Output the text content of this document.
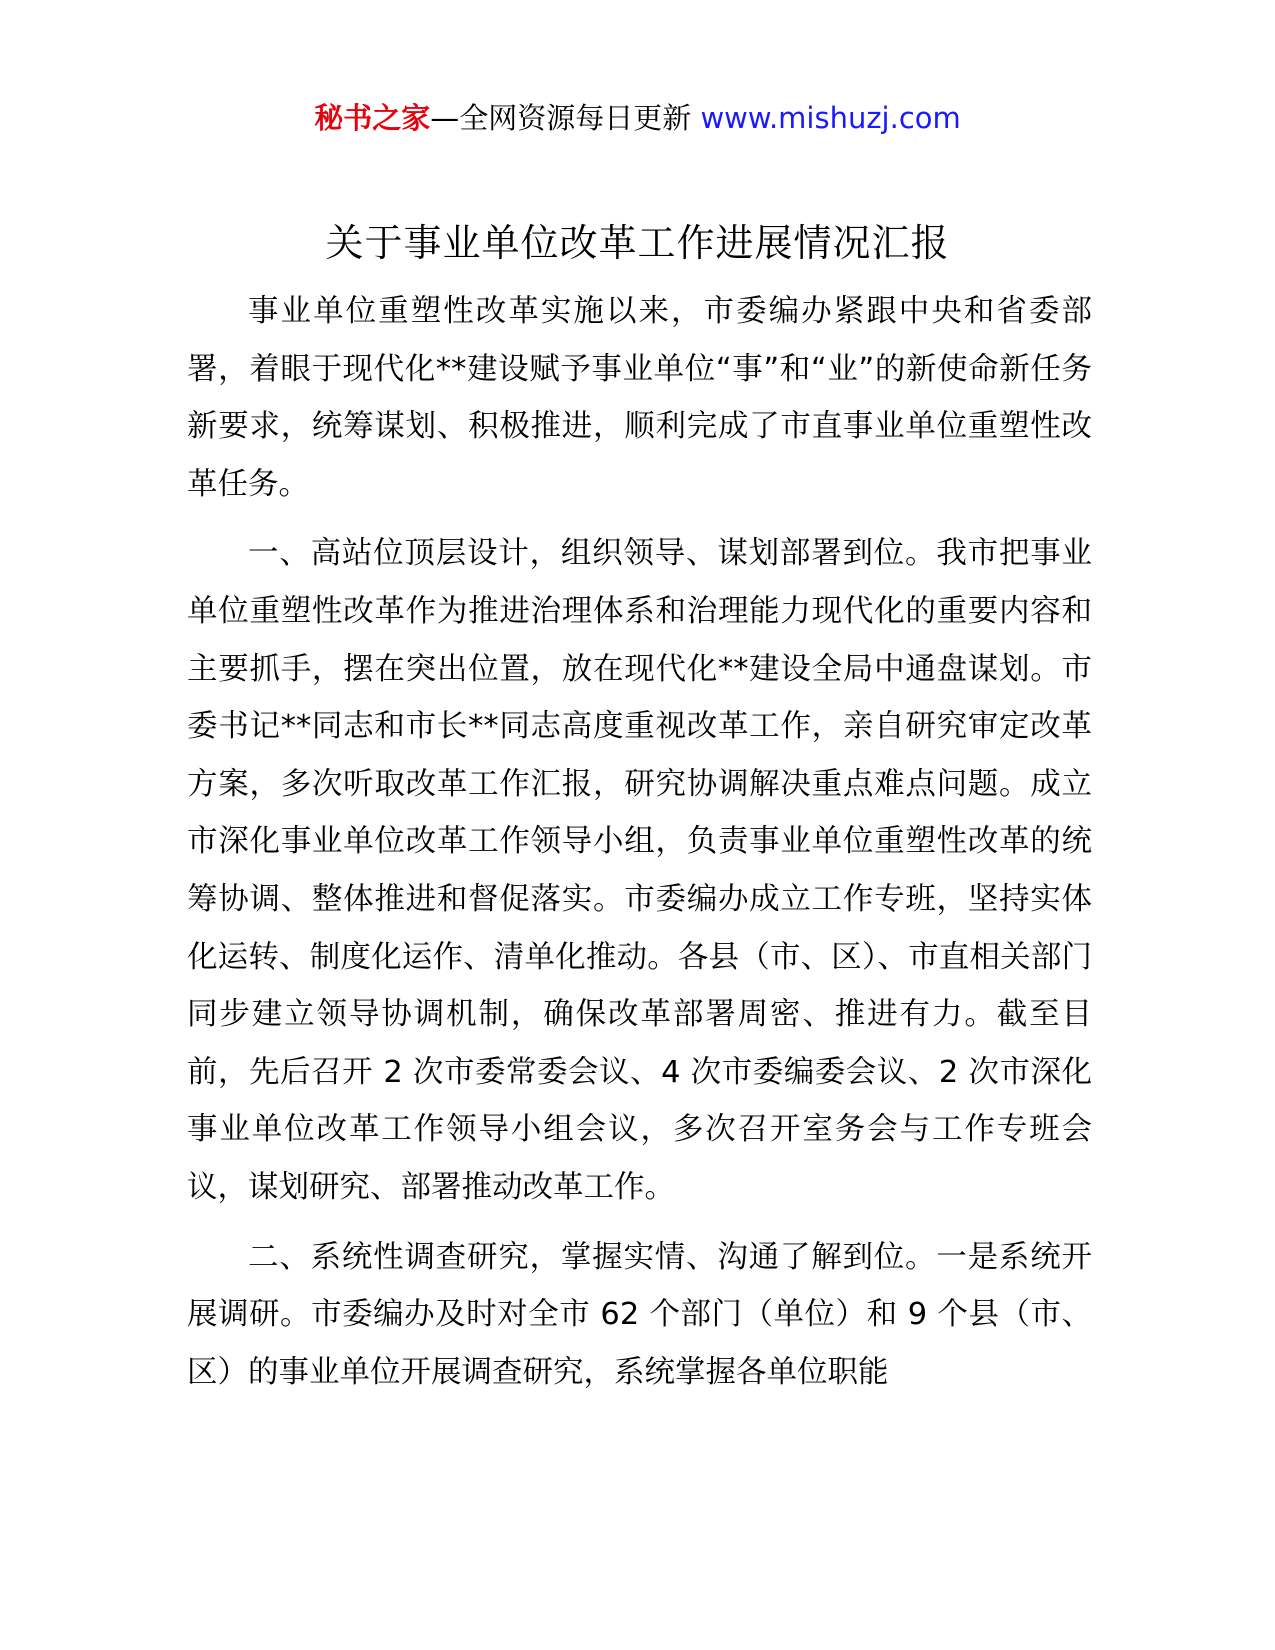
秘书之家—全网资源每日更新 www.mishuzj.com
关于事业单位改革工作进展情况汇报

事业单位重塑性改革实施以来，市委编办紧跟中央和省委部署，着眼于现代化**建设赋予事业单位“事”和“业”的新使命新任务新要求，统筹谋划、积极推进，顺利完成了市直事业单位重塑性改革任务。

一、高站位顶层设计，组织领导、谋划部署到位。我市把事业单位重塑性改革作为推进治理体系和治理能力现代化的重要内容和主要抓手，摆在突出位置，放在现代化**建设全局中通盘谋划。市委书记**同志和市长**同志高度重视改革工作，亲自研究审定改革方案，多次听取改革工作汇报，研究协调解决重点难点问题。成立市深化事业单位改革工作领导小组，负责事业单位重塑性改革的统筹协调、整体推进和督促落实。市委编办成立工作专班，坚持实体化运转、制度化运作、清单化推动。各县（市、区）、市直相关部门同步建立领导协调机制，确保改革部署周密、推进有力。截至目前，先后召开 2 次市委常委会议、4 次市委编委会议、2 次市深化事业单位改革工作领导小组会议，多次召开室务会与工作专班会议，谋划研究、部署推动改革工作。

二、系统性调查研究，掌握实情、沟通了解到位。一是系统开展调研。市委编办及时对全市 62 个部门（单位）和 9 个县（市、区）的事业单位开展调查研究，系统掌握各单位职能
